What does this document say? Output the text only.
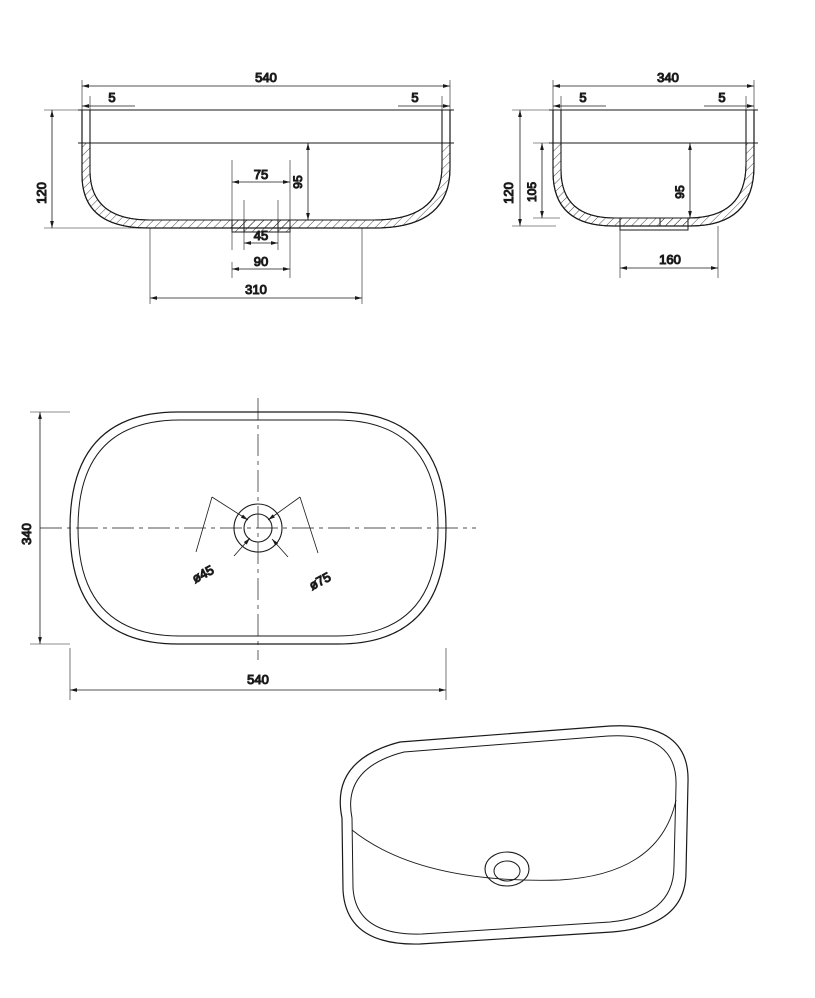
540
5	5
120
75 95
45
90
310
340
5	5
120 105	95
160
ø45	ø75
340
540
